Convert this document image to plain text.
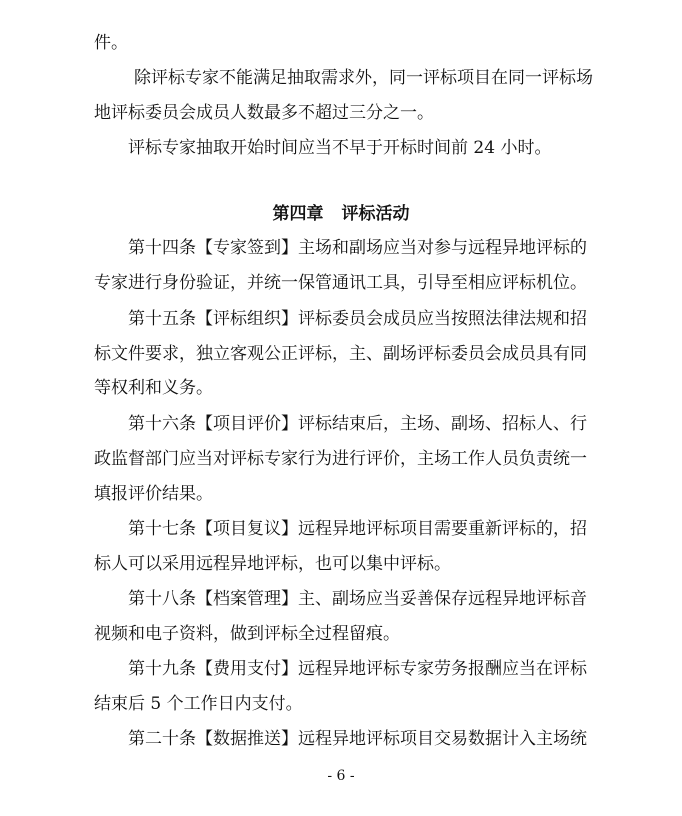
件。
除评标专家不能满足抽取需求外，同一评标项目在同一评标场
地评标委员会成员人数最多不超过三分之一。
评标专家抽取开始时间应当不早于开标时间前 24 小时。
第四章 评标活动
第十四条【专家签到】主场和副场应当对参与远程异地评标的
专家进行身份验证，并统一保管通讯工具，引导至相应评标机位。
第十五条【评标组织】评标委员会成员应当按照法律法规和招
标文件要求，独立客观公正评标，主、副场评标委员会成员具有同
等权利和义务。
第十六条【项目评价】评标结束后，主场、副场、招标人、行
政监督部门应当对评标专家行为进行评价，主场工作人员负责统一
填报评价结果。
第十七条【项目复议】远程异地评标项目需要重新评标的，招
标人可以采用远程异地评标，也可以集中评标。
第十八条【档案管理】主、副场应当妥善保存远程异地评标音
视频和电子资料，做到评标全过程留痕。
第十九条【费用支付】远程异地评标专家劳务报酬应当在评标
结束后 5 个工作日内支付。
第二十条【数据推送】远程异地评标项目交易数据计入主场统
- 6 -
